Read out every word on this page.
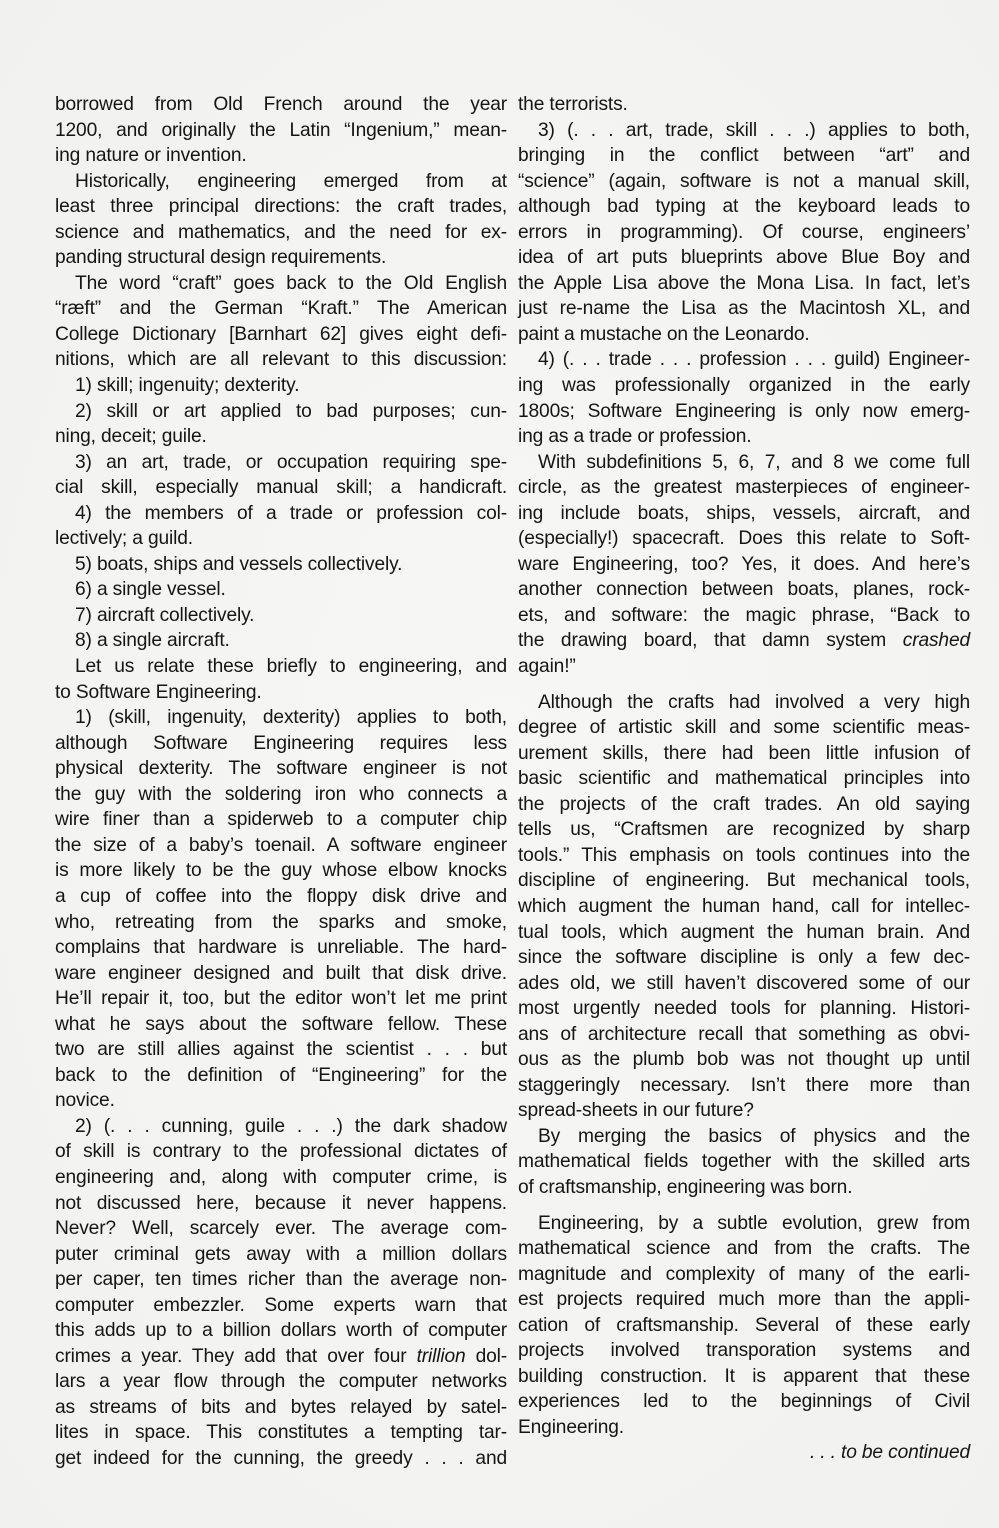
borrowed from Old French around the year
1200, and originally the Latin “Ingenium,” mean-
ing nature or invention.
Historically, engineering emerged from at
least three principal directions: the craft trades,
science and mathematics, and the need for ex-
panding structural design requirements.
The word “craft” goes back to the Old English
“ræft” and the German “Kraft.” The American
College Dictionary [Barnhart 62] gives eight defi-
nitions, which are all relevant to this discussion:
1) skill; ingenuity; dexterity.
2) skill or art applied to bad purposes; cun-
ning, deceit; guile.
3) an art, trade, or occupation requiring spe-
cial skill, especially manual skill; a handicraft.
4) the members of a trade or profession col-
lectively; a guild.
5) boats, ships and vessels collectively.
6) a single vessel.
7) aircraft collectively.
8) a single aircraft.
Let us relate these briefly to engineering, and
to Software Engineering.
1) (skill, ingenuity, dexterity) applies to both,
although Software Engineering requires less
physical dexterity. The software engineer is not
the guy with the soldering iron who connects a
wire finer than a spiderweb to a computer chip
the size of a baby’s toenail. A software engineer
is more likely to be the guy whose elbow knocks
a cup of coffee into the floppy disk drive and
who, retreating from the sparks and smoke,
complains that hardware is unreliable. The hard-
ware engineer designed and built that disk drive.
He’ll repair it, too, but the editor won’t let me print
what he says about the software fellow. These
two are still allies against the scientist . . . but
back to the definition of “Engineering” for the
novice.
2) (. . . cunning, guile . . .) the dark shadow
of skill is contrary to the professional dictates of
engineering and, along with computer crime, is
not discussed here, because it never happens.
Never? Well, scarcely ever. The average com-
puter criminal gets away with a million dollars
per caper, ten times richer than the average non-
computer embezzler. Some experts warn that
this adds up to a billion dollars worth of computer
crimes a year. They add that over four trillion dol-
lars a year flow through the computer networks
as streams of bits and bytes relayed by satel-
lites in space. This constitutes a tempting tar-
get indeed for the cunning, the greedy . . . and
the terrorists.
3) (. . . art, trade, skill . . .) applies to both,
bringing in the conflict between “art” and
“science” (again, software is not a manual skill,
although bad typing at the keyboard leads to
errors in programming). Of course, engineers’
idea of art puts blueprints above Blue Boy and
the Apple Lisa above the Mona Lisa. In fact, let’s
just re-name the Lisa as the Macintosh XL, and
paint a mustache on the Leonardo.
4) (. . . trade . . . profession . . . guild) Engineer-
ing was professionally organized in the early
1800s; Software Engineering is only now emerg-
ing as a trade or profession.
With subdefinitions 5, 6, 7, and 8 we come full
circle, as the greatest masterpieces of engineer-
ing include boats, ships, vessels, aircraft, and
(especially!) spacecraft. Does this relate to Soft-
ware Engineering, too? Yes, it does. And here’s
another connection between boats, planes, rock-
ets, and software: the magic phrase, “Back to
the drawing board, that damn system crashed
again!”
Although the crafts had involved a very high
degree of artistic skill and some scientific meas-
urement skills, there had been little infusion of
basic scientific and mathematical principles into
the projects of the craft trades. An old saying
tells us, “Craftsmen are recognized by sharp
tools.” This emphasis on tools continues into the
discipline of engineering. But mechanical tools,
which augment the human hand, call for intellec-
tual tools, which augment the human brain. And
since the software discipline is only a few dec-
ades old, we still haven’t discovered some of our
most urgently needed tools for planning. Histori-
ans of architecture recall that something as obvi-
ous as the plumb bob was not thought up until
staggeringly necessary. Isn’t there more than
spread-sheets in our future?
By merging the basics of physics and the
mathematical fields together with the skilled arts
of craftsmanship, engineering was born.
Engineering, by a subtle evolution, grew from
mathematical science and from the crafts. The
magnitude and complexity of many of the earli-
est projects required much more than the appli-
cation of craftsmanship. Several of these early
projects involved transporation systems and
building construction. It is apparent that these
experiences led to the beginnings of Civil
Engineering.
. . . to be continued
